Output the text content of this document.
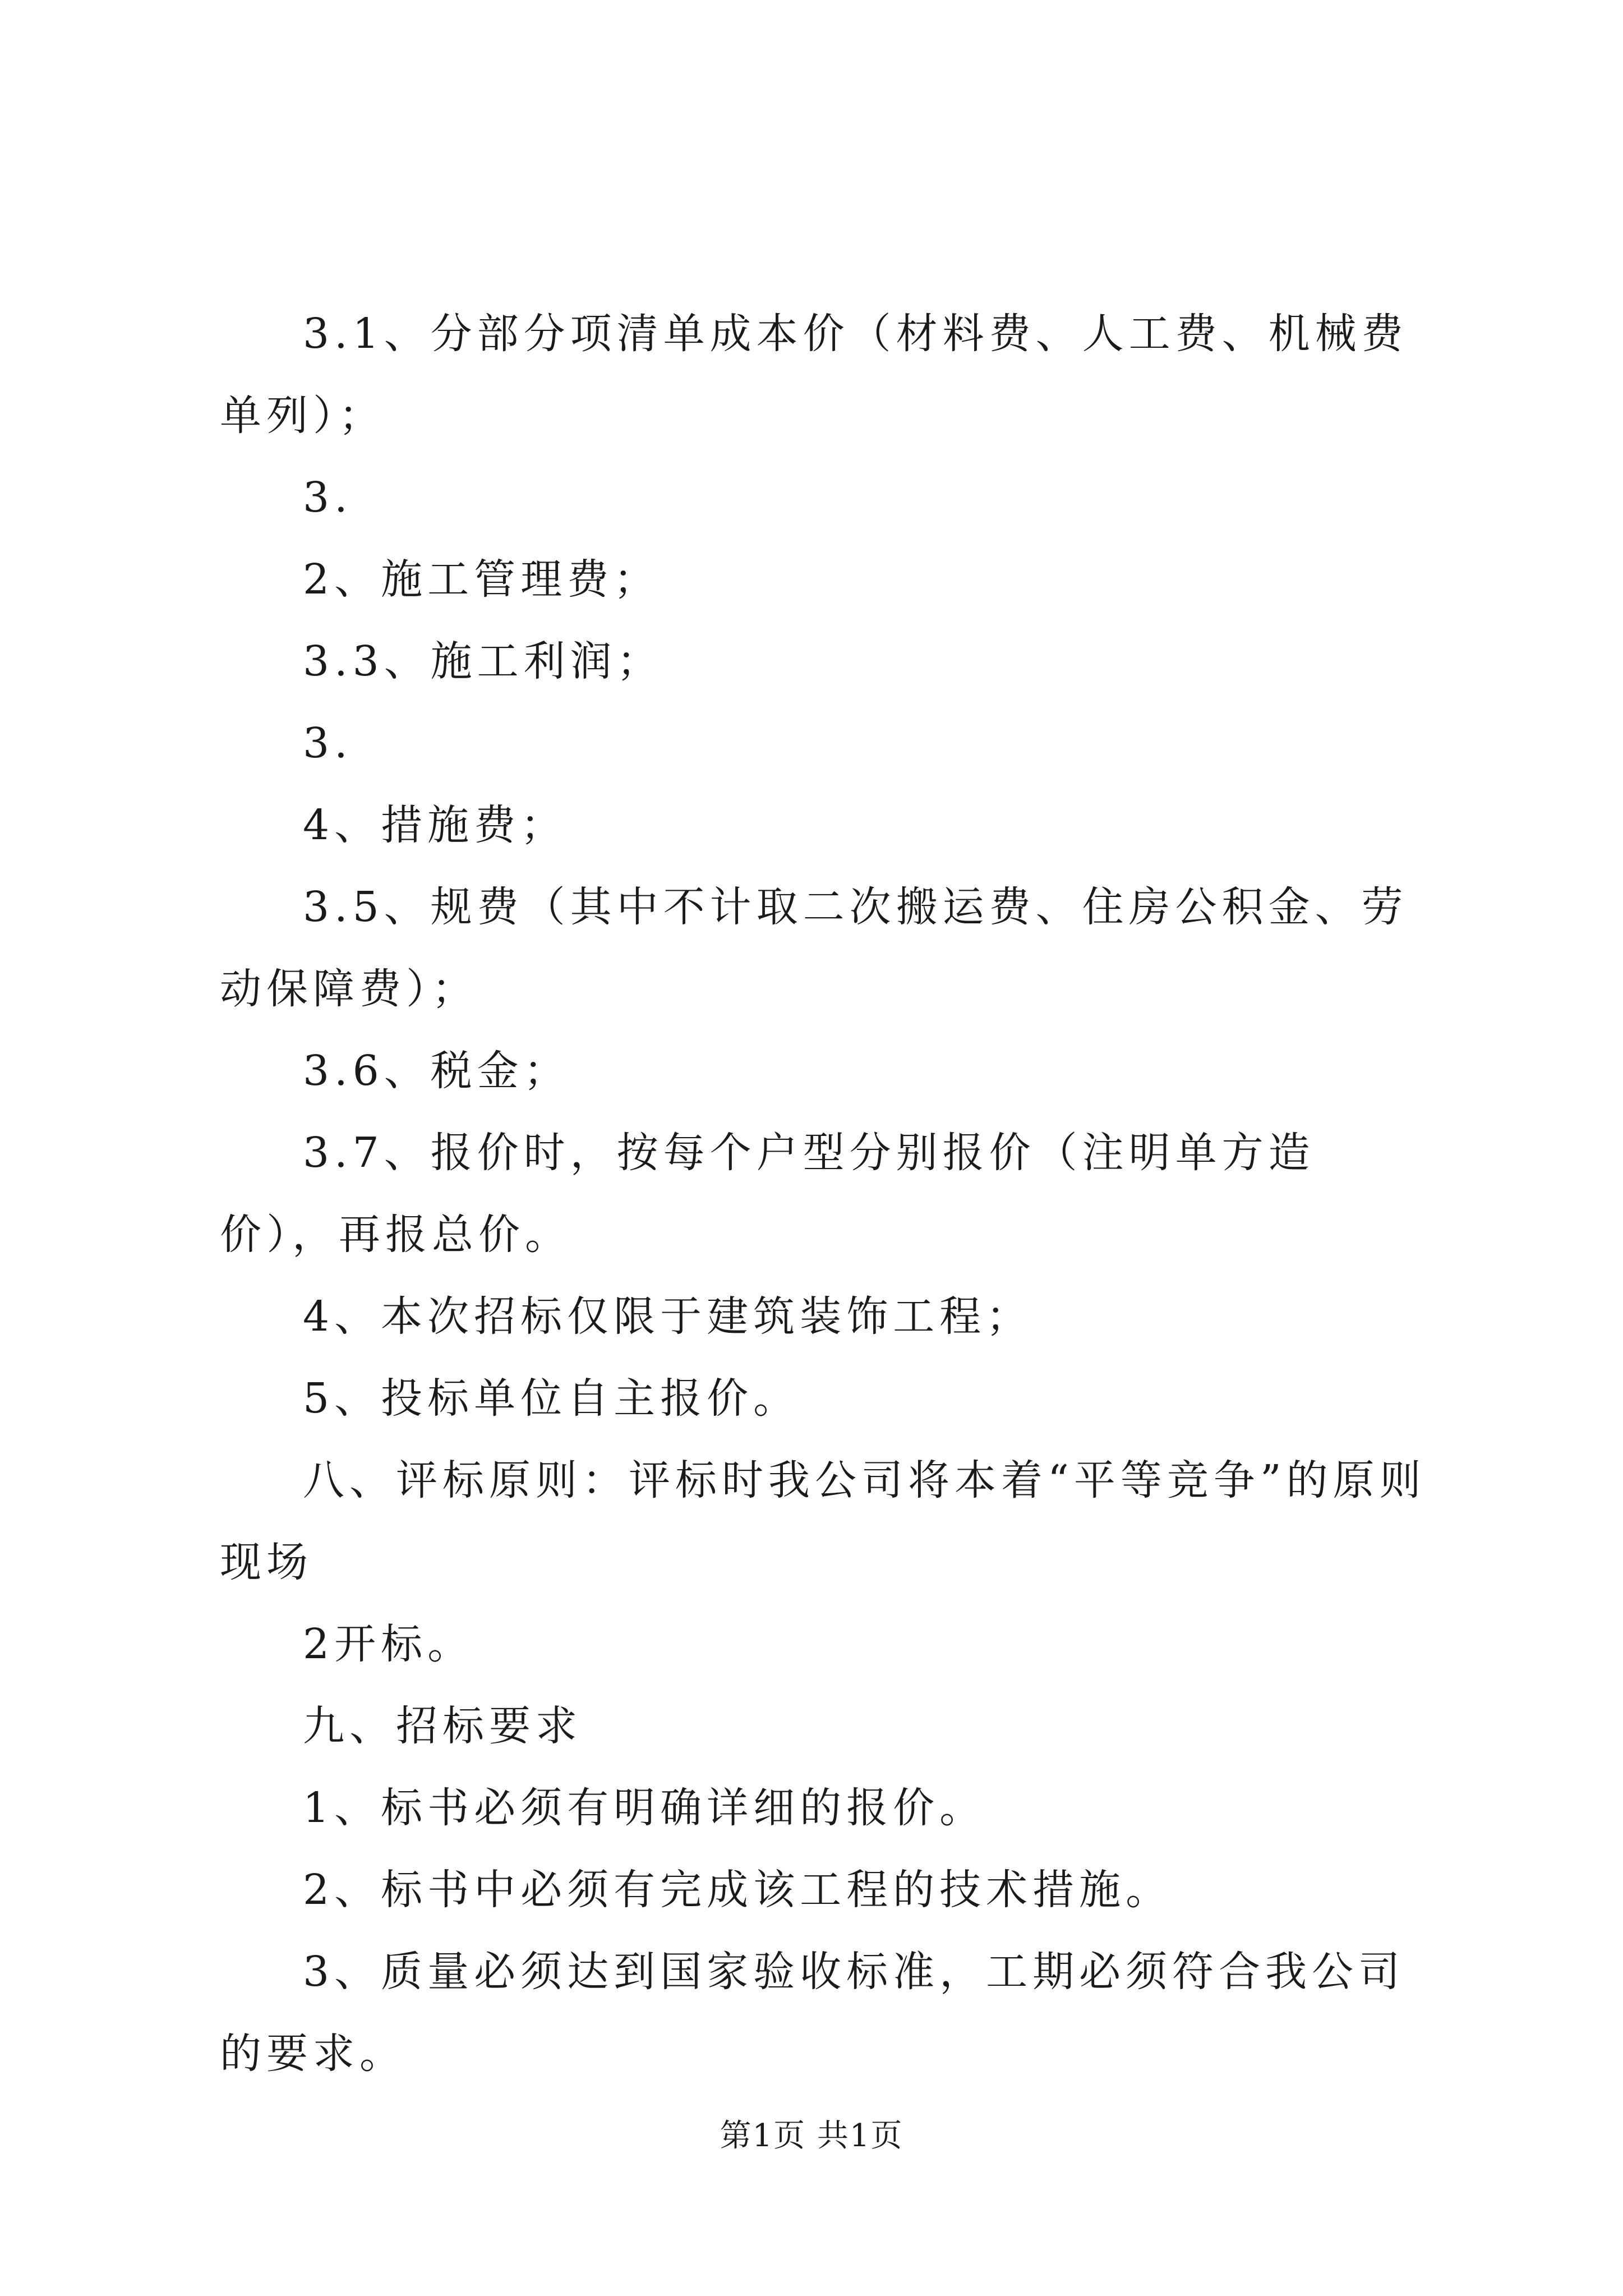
3.1、分部分项清单成本价（材料费、人工费、机械费单列）；

3.

2、施工管理费；

3.3、施工利润；

3.

4、措施费；

3.5、规费（其中不计取二次搬运费、住房公积金、劳动保障费）；

3.6、税金；

3.7、报价时，按每个户型分别报价（注明单方造价），再报总价。

4、本次招标仅限于建筑装饰工程；

5、投标单位自主报价。

八、评标原则：评标时我公司将本着“平等竞争”的原则现场

2开标。

九、招标要求

1、标书必须有明确详细的报价。

2、标书中必须有完成该工程的技术措施。

3、质量必须达到国家验收标准，工期必须符合我公司的要求。

第1页 共1页
